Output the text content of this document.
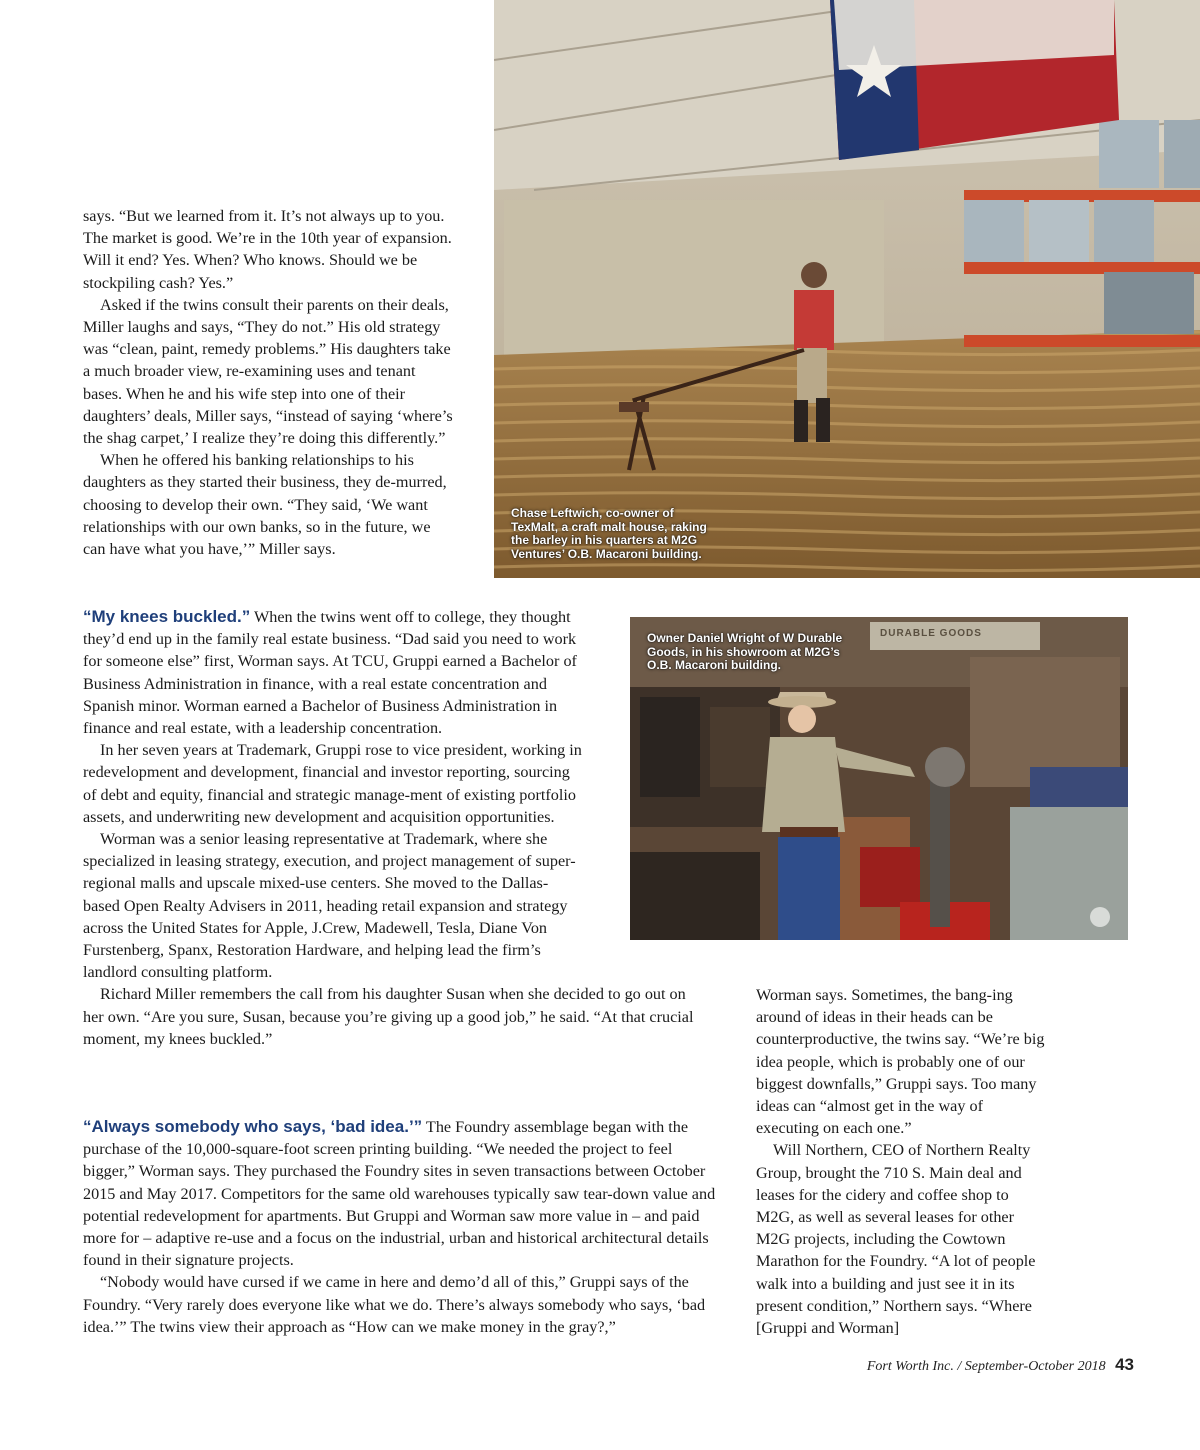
says. “But we learned from it. It’s not always up to you. The market is good. We’re in the 10th year of expansion. Will it end? Yes. When? Who knows. Should we be stockpiling cash? Yes.”

Asked if the twins consult their parents on their deals, Miller laughs and says, “They do not.” His old strategy was “clean, paint, remedy problems.” His daughters take a much broader view, re-examining uses and tenant bases. When he and his wife step into one of their daughters’ deals, Miller says, “instead of saying ‘where’s the shag carpet,’ I realize they’re doing this differently.”

When he offered his banking relationships to his daughters as they started their business, they de-murred, choosing to develop their own. “They said, ‘We want relationships with our own banks, so in the future, we can have what you have,’” Miller says.

Chase Leftwich, co-owner of TexMalt, a craft malt house, raking the barley in his quarters at M2G Ventures’ O.B. Macaroni building.

“My knees buckled.” When the twins went off to college, they thought they’d end up in the family real estate business. “Dad said you need to work for someone else” first, Worman says. At TCU, Gruppi earned a Bachelor of Business Administration in finance, with a real estate concentration and Spanish minor. Worman earned a Bachelor of Business Administration in finance and real estate, with a leadership concentration.

In her seven years at Trademark, Gruppi rose to vice president, working in redevelopment and development, financial and investor reporting, sourcing of debt and equity, financial and strategic manage-ment of existing portfolio assets, and underwriting new development and acquisition opportunities.

Worman was a senior leasing representative at Trademark, where she specialized in leasing strategy, execution, and project management of super-regional malls and upscale mixed-use centers. She moved to the Dallas-based Open Realty Advisers in 2011, heading retail expansion and strategy across the United States for Apple, J.Crew, Madewell, Tesla, Diane Von Furstenberg, Spanx, Restoration Hardware, and helping lead the firm’s landlord consulting platform.

Richard Miller remembers the call from his daughter Susan when she decided to go out on her own. “Are you sure, Susan, because you’re giving up a good job,” he said. “At that crucial moment, my knees buckled.”

Owner Daniel Wright of W Durable Goods, in his showroom at M2G’s O.B. Macaroni building.
DURABLE GOODS

“Always somebody who says, ‘bad idea.’” The Foundry assemblage began with the purchase of the 10,000-square-foot screen printing building. “We needed the project to feel bigger,” Worman says. They purchased the Foundry sites in seven transactions between October 2015 and May 2017. Competitors for the same old warehouses typically saw tear-down value and potential redevelopment for apartments. But Gruppi and Worman saw more value in – and paid more for – adaptive re-use and a focus on the industrial, urban and historical architectural details found in their signature projects.

“Nobody would have cursed if we came in here and demo’d all of this,” Gruppi says of the Foundry. “Very rarely does everyone like what we do. There’s always somebody who says, ‘bad idea.’” The twins view their approach as “How can we make money in the gray?,”

Worman says. Sometimes, the bang-ing around of ideas in their heads can be counterproductive, the twins say. “We’re big idea people, which is probably one of our biggest downfalls,” Gruppi says. Too many ideas can “almost get in the way of executing on each one.”

Will Northern, CEO of Northern Realty Group, brought the 710 S. Main deal and leases for the cidery and coffee shop to M2G, as well as several leases for other M2G projects, including the Cowtown Marathon for the Foundry. “A lot of people walk into a building and just see it in its present condition,” Northern says. “Where [Gruppi and Worman]

Fort Worth Inc. / September-October 2018 43
